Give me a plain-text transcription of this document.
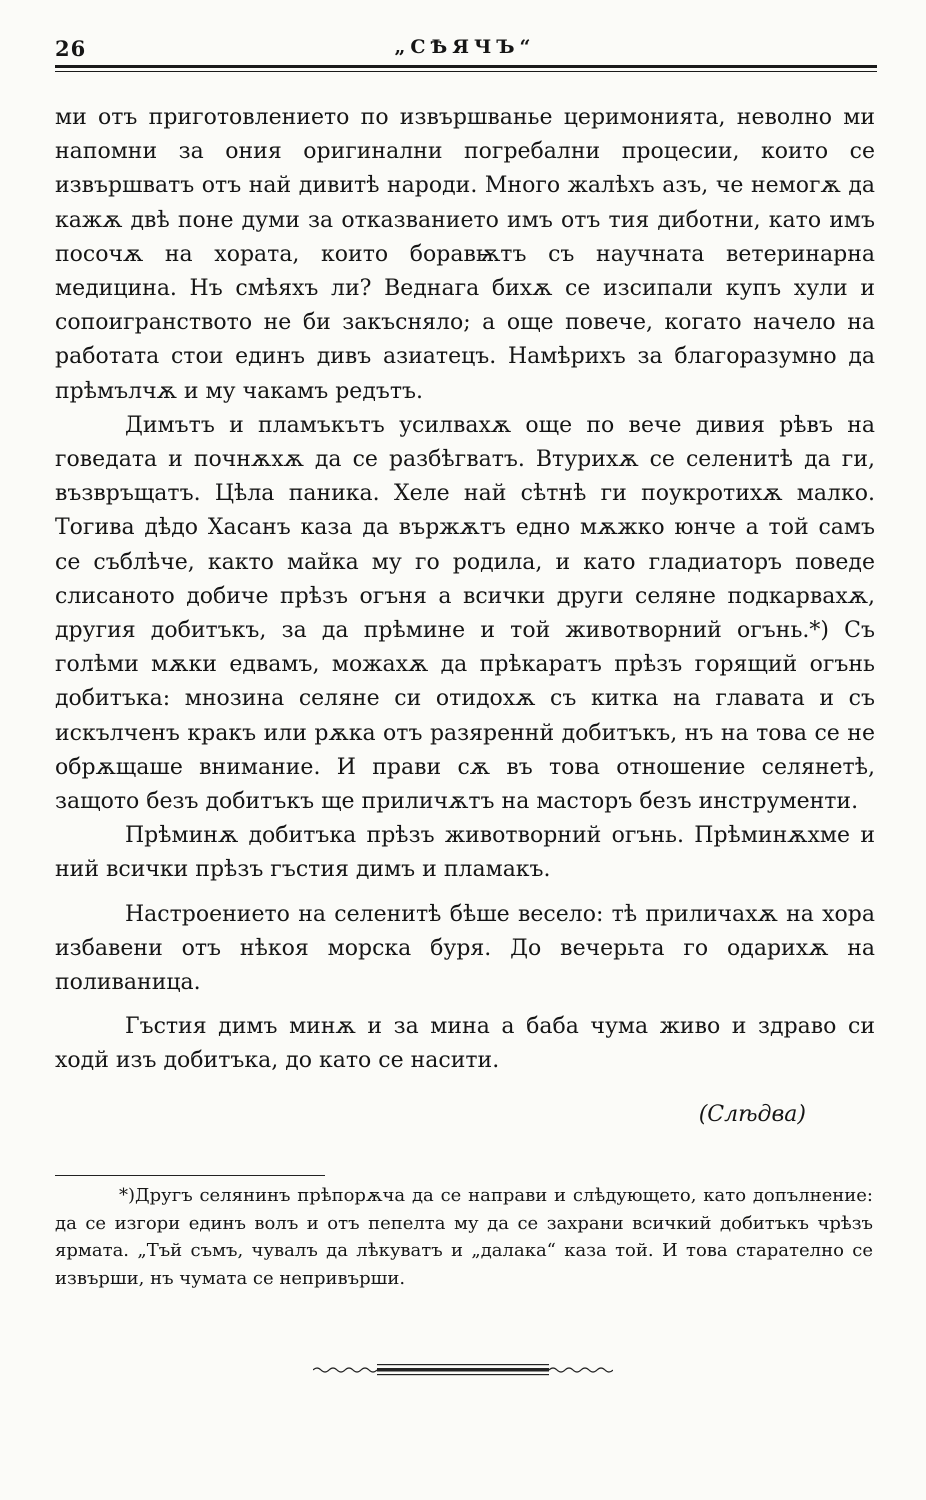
26	„СѢЯЧЪ“

ми отъ приготовлението по извършванье церимонията, неволно ми напомни за ония оригинални погребални процесии, които се извършватъ отъ най дивитѣ народи. Много жалѣхъ азъ, че немогѫ да кажѫ двѣ поне думи за отказванието имъ отъ тия диботни, като имъ посочѫ на хората, които боравѭтъ съ научната ветеринарна медицина. Нъ смѣяхъ ли? Веднага бихѫ се изсипали купъ хули и сопоигранството не би закъсняло; а още повече, когато начело на работата стои единъ дивъ азиатецъ. Намѣрихъ за благоразумно да прѣмълчѫ и му чакамъ редътъ.

Димътъ и пламъкътъ усилвахѫ още по вече дивия рѣвъ на говедата и почнѫхѫ да се разбѣгватъ. Втурихѫ се селенитѣ да ги, възвръщатъ. Цѣла паника. Хеле най сѣтнѣ ги поукротихѫ малко. Тогива дѣдо Хасанъ каза да вържѫтъ едно мѫжко юнче а той самъ се съблѣче, както майка му го родила, и като гладиаторъ поведе слисаното добиче прѣзъ огъня а всички други селяне подкарвахѫ, другия добитъкъ, за да прѣмине и той животворний огънь.*) Съ голѣми мѫки едвамъ, можахѫ да прѣкаратъ прѣзъ горящий огънь добитъка: мнозина селяне си отидохѫ съ китка на главата и съ искълченъ кракъ или рѫка отъ разяреннй добитъкъ, нъ на това се не обрѫщаше внимание. И прави сѫ въ това отношение селянетѣ, защото безъ добитъкъ ще приличѫтъ на масторъ безъ инструменти.

Прѣминѫ добитъка прѣзъ животворний огънь. Прѣминѫхме и ний всички прѣзъ гъстия димъ и пламакъ.

Настроението на селенитѣ бѣше весело: тѣ приличахѫ на хора избавени отъ нѣкоя морска буря. До вечерьта го одарихѫ на поливаница.

Гъстия димъ минѫ и за мина а баба чума живо и здраво си ходй изъ добитъка, до като се насити.

(Слѣдва)
*)Другъ селянинъ прѣпорѫчa да се направи и слѣдующето, като допълнение: да се изгори единъ волъ и отъ пепелта му да се захрани всичкий добитъкъ чрѣзъ ярмата. „Тъй съмъ, чувалъ да лѣкуватъ и „далака“ каза той. И това старателно се извърши, нъ чумата се непривърши.
